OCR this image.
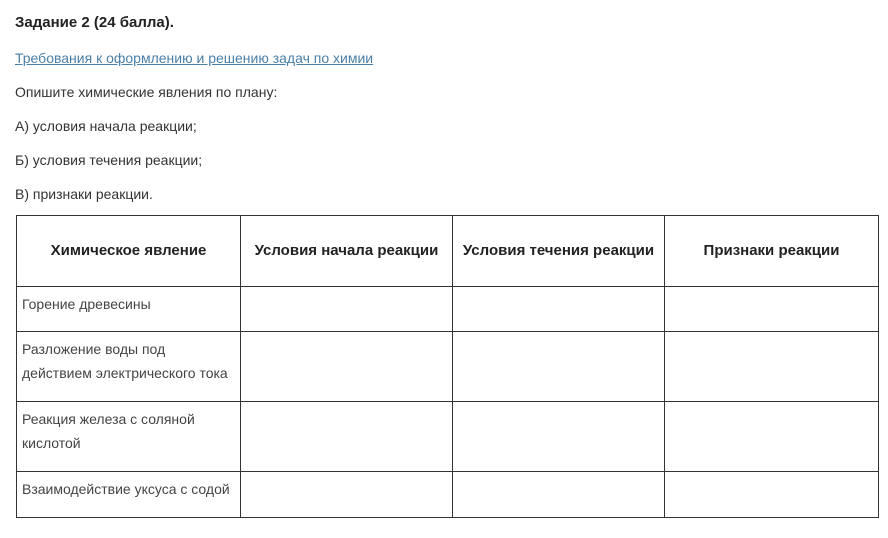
Задание 2 (24 балла).
Требования к оформлению и решению задач по химии

Опишите химические явления по плану:

А) условия начала реакции;

Б) условия течения реакции;

В) признаки реакции.

Химическое явление	Условия начала реакции	Условия течения реакции	Признаки реакции
Горение древесины			
Разложение воды под действием электрического тока			
Реакция железа с соляной кислотой			
Взаимодействие уксуса с содой			
